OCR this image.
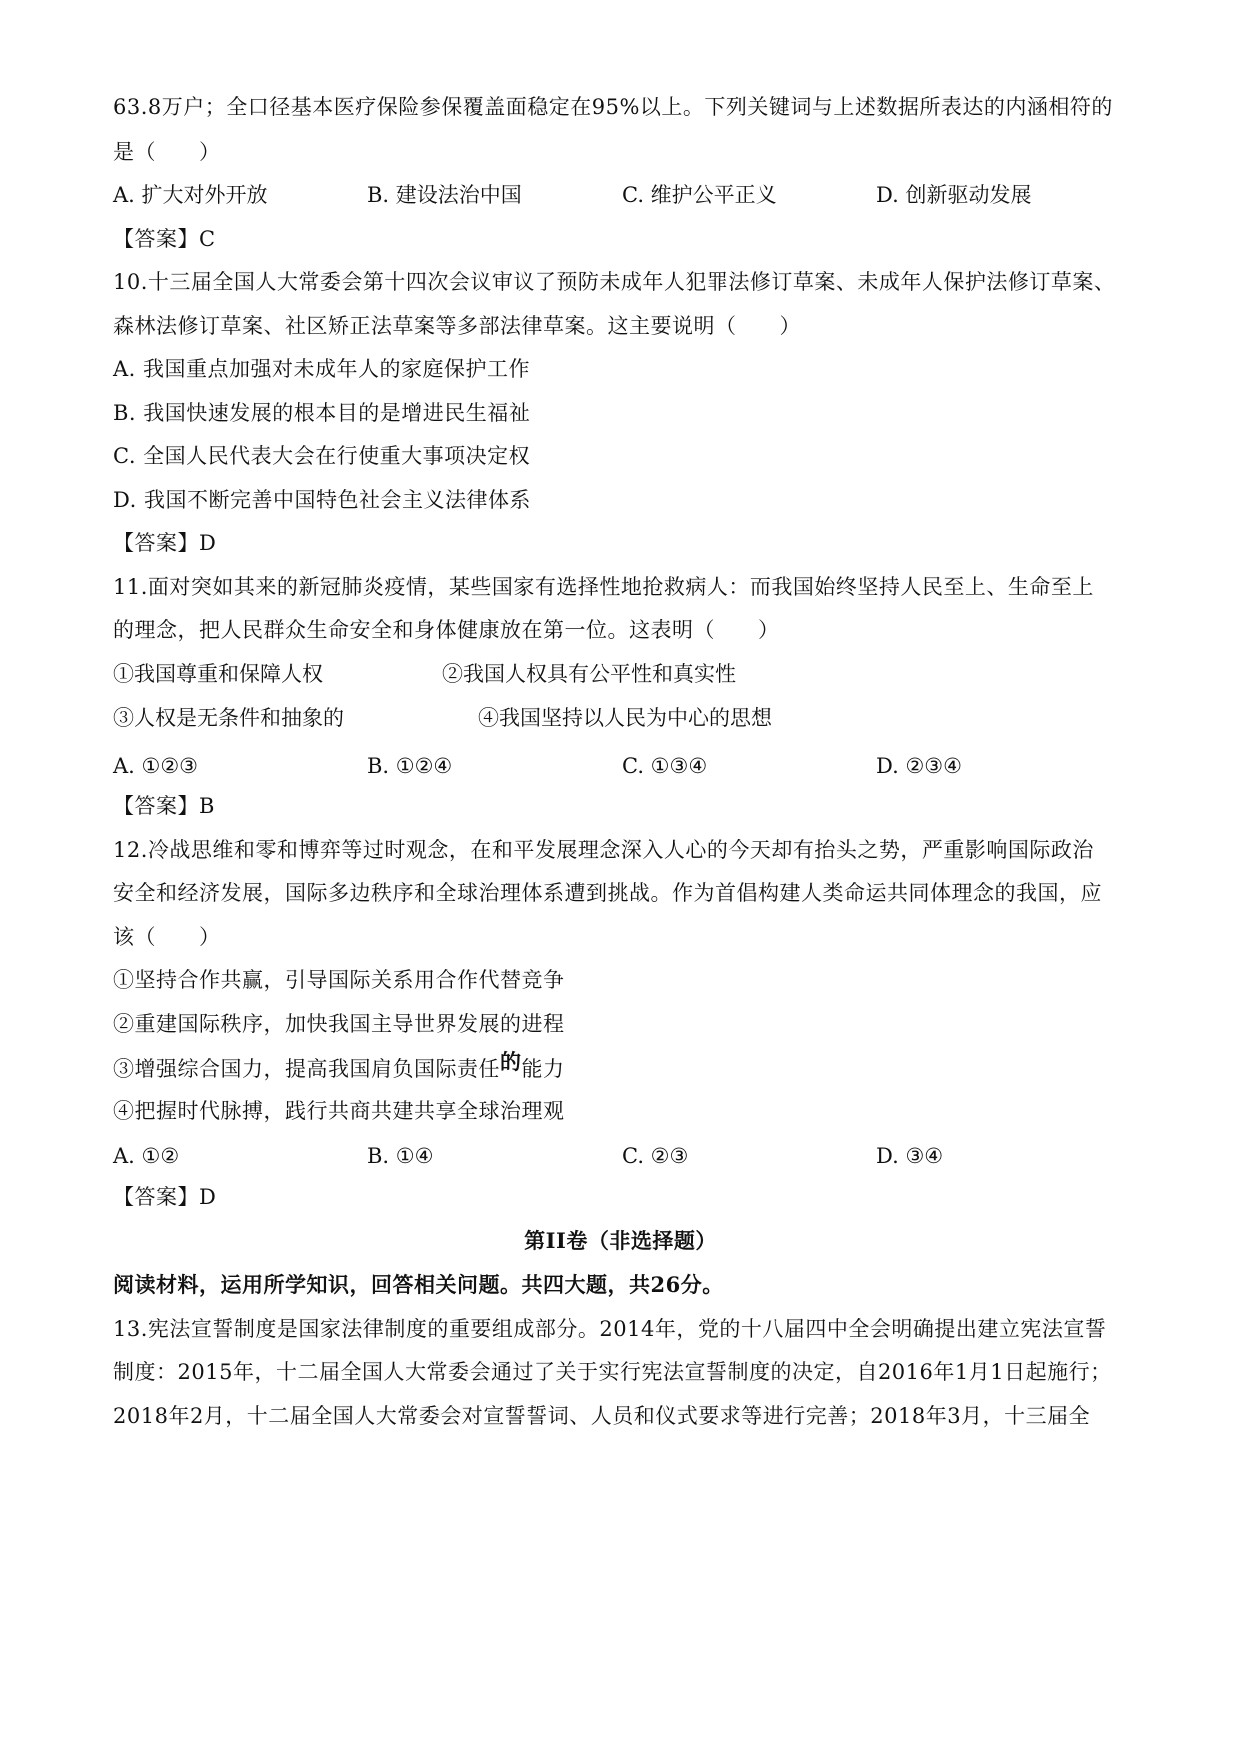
63.8万户；全口径基本医疗保险参保覆盖面稳定在95%以上。下列关键词与上述数据所表达的内涵相符的
是（　　）
A. 扩大对外开放	B. 建设法治中国	C. 维护公平正义	D. 创新驱动发展
【答案】C
10.十三届全国人大常委会第十四次会议审议了预防未成年人犯罪法修订草案、未成年人保护法修订草案、
森林法修订草案、社区矫正法草案等多部法律草案。这主要说明（　　）
A. 我国重点加强对未成年人的家庭保护工作
B. 我国快速发展的根本目的是增进民生福祉
C. 全国人民代表大会在行使重大事项决定权
D. 我国不断完善中国特色社会主义法律体系
【答案】D
11.面对突如其来的新冠肺炎疫情，某些国家有选择性地抢救病人：而我国始终坚持人民至上、生命至上
的理念，把人民群众生命安全和身体健康放在第一位。这表明（　　）
①我国尊重和保障人权	②我国人权具有公平性和真实性
③人权是无条件和抽象的	④我国坚持以人民为中心的思想
A. ①②③	B. ①②④	C. ①③④	D. ②③④
【答案】B
12.冷战思维和零和博弈等过时观念，在和平发展理念深入人心的今天却有抬头之势，严重影响国际政治
安全和经济发展，国际多边秩序和全球治理体系遭到挑战。作为首倡构建人类命运共同体理念的我国，应
该（　　）
①坚持合作共赢，引导国际关系用合作代替竞争
②重建国际秩序，加快我国主导世界发展的进程
③增强综合国力，提高我国肩负国际责任的能力
④把握时代脉搏，践行共商共建共享全球治理观
A. ①②	B. ①④	C. ②③	D. ③④
【答案】D
第II卷（非选择题）
阅读材料，运用所学知识，回答相关问题。共四大题，共26分。
13.宪法宣誓制度是国家法律制度的重要组成部分。2014年，党的十八届四中全会明确提出建立宪法宣誓
制度：2015年，十二届全国人大常委会通过了关于实行宪法宣誓制度的决定，自2016年1月1日起施行；
2018年2月，十二届全国人大常委会对宣誓誓词、人员和仪式要求等进行完善；2018年3月，十三届全
